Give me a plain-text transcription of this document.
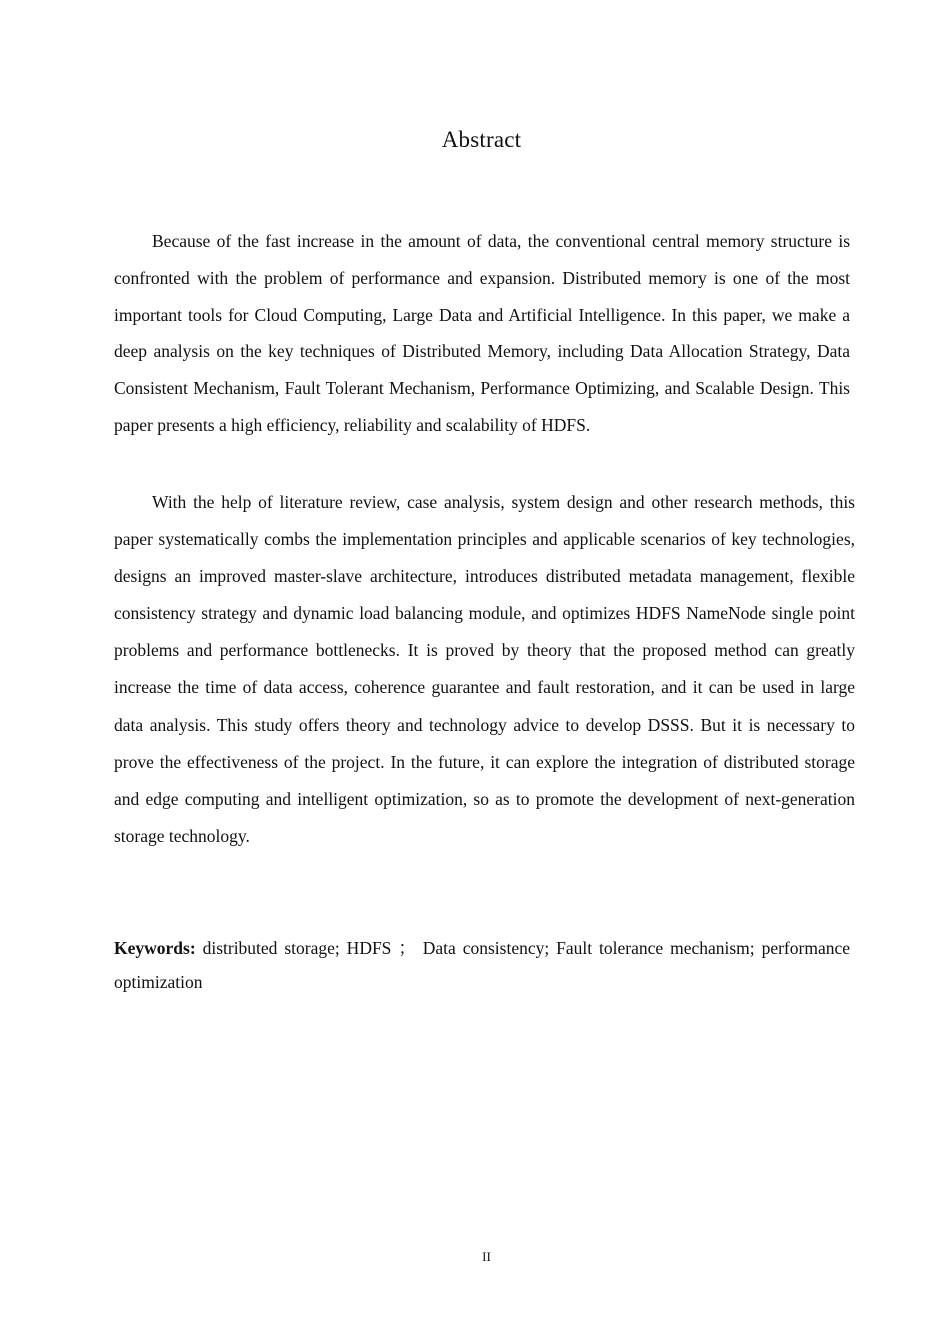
Abstract

Because of the fast increase in the amount of data, the conventional central memory structure is confronted with the problem of performance and expansion. Distributed memory is one of the most important tools for Cloud Computing, Large Data and Artificial Intelligence. In this paper, we make a deep analysis on the key techniques of Distributed Memory, including Data Allocation Strategy, Data Consistent Mechanism, Fault Tolerant Mechanism, Performance Optimizing, and Scalable Design. This paper presents a high efficiency, reliability and scalability of HDFS.

With the help of literature review, case analysis, system design and other research methods, this paper systematically combs the implementation principles and applicable scenarios of key technologies, designs an improved master-slave architecture, introduces distributed metadata management, flexible consistency strategy and dynamic load balancing module, and optimizes HDFS NameNode single point problems and performance bottlenecks. It is proved by theory that the proposed method can greatly increase the time of data access, coherence guarantee and fault restoration, and it can be used in large data analysis. This study offers theory and technology advice to develop DSSS. But it is necessary to prove the effectiveness of the project. In the future, it can explore the integration of distributed storage and edge computing and intelligent optimization, so as to promote the development of next-generation storage technology.

Keywords: distributed storage; HDFS ； Data consistency; Fault tolerance mechanism; performance optimization

II
